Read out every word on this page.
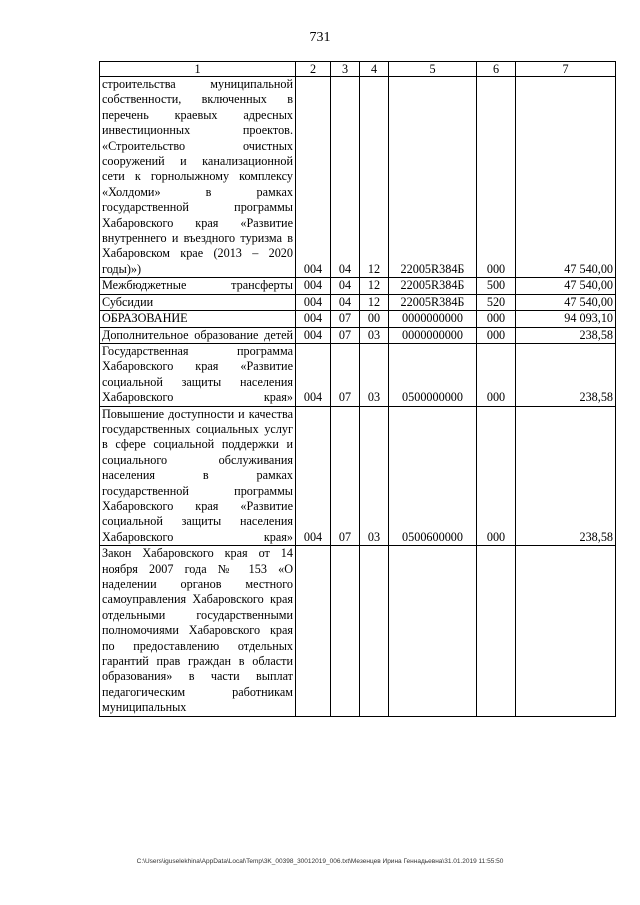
731
1	2	3	4	5	6	7

строительства муниципальной собственности, включенных в перечень краевых адресных инвестиционных проектов. «Строительство очистных сооружений и канализационной сети к горнолыжному комплексу «Холдоми» в рамках государственной программы Хабаровского края «Развитие внутреннего и въездного туризма в Хабаровском крае (2013 – 2020 годы)»)	004	04	12	22005R384Б	000	47 540,00

Межбюджетные трансферты	004	04	12	22005R384Б	500	47 540,00

Субсидии	004	04	12	22005R384Б	520	47 540,00

ОБРАЗОВАНИЕ	004	07	00	0000000000	000	94 093,10

Дополнительное образование детей	004	07	03	0000000000	000	238,58

Государственная программа Хабаровского края «Развитие социальной защиты населения Хабаровского края»	004	07	03	0500000000	000	238,58

Повышение доступности и качества государственных социальных услуг в сфере социальной поддержки и социального обслуживания населения в рамках государственной программы Хабаровского края «Развитие социальной защиты населения Хабаровского края»	004	07	03	0500600000	000	238,58

Закон Хабаровского края от 14 ноября 2007 года № 153 «О наделении органов местного самоуправления Хабаровского края отдельными государственными полномочиями Хабаровского края по предоставлению отдельных гарантий прав граждан в области образования» в части выплат педагогическим работникам муниципальных						

C:\Users\iguselekhina\AppData\Local\Temp\3K_00398_30012019_006.txt\Мезенцев Ирина Геннадьевна\31.01.2019 11:55:50
